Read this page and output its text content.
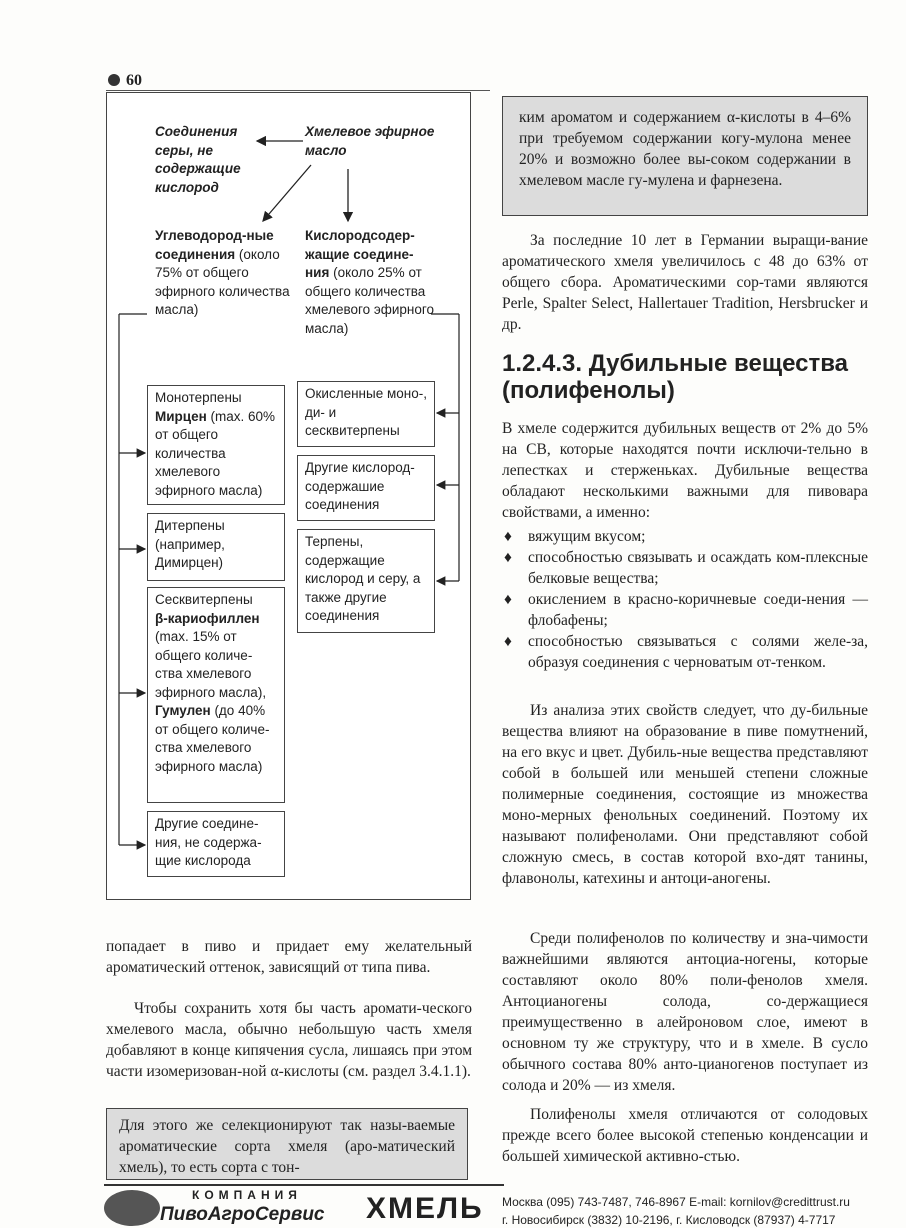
60
Соединения серы, не содержащие кислород
Хмелевое эфирное масло
Углеводород-ные соединения (около 75% от общего эфирного количества масла)
Кислородсодер-жащие соедине-ния (около 25% от общего количества хмелевого эфирного масла)
Монотерпены
Мирцен (max. 60% от общего количества хмелевого эфирного масла)
Дитерпены (например, Димирцен)
Сесквитерпены
β-кариофиллен (max. 15% от общего количе-ства хмелевого эфирного масла),
Гумулен (до 40% от общего количе-ства хмелевого эфирного масла)
Другие соедине-ния, не содержа-щие кислорода
Окисленные моно-, ди- и сесквитерпены
Другие кислород-содержашие соединения
Терпены, содержащие кислород и серу, а также другие соединения
попадает в пиво и придает ему желательный ароматический оттенок, зависящий от типа пива.
Чтобы сохранить хотя бы часть аромати-ческого хмелевого масла, обычно небольшую часть хмеля добавляют в конце кипячения сусла, лишаясь при этом части изомеризован-ной α-кислоты (см. раздел 3.4.1.1).
Для этого же селекционируют так назы-ваемые ароматические сорта хмеля (аро-матический хмель), то есть сорта с тон-
ким ароматом и содержанием α-кислоты в 4–6% при требуемом содержании когу-мулона менее 20% и возможно более вы-соком содержании в хмелевом масле гу-мулена и фарнезена.
За последние 10 лет в Германии выращи-вание ароматического хмеля увеличилось с 48 до 63% от общего сбора. Ароматическими сор-тами являются Perle, Spalter Select, Hallertauer Tradition, Hersbrucker и др.
1.2.4.3. Дубильные вещества (полифенолы)
В хмеле содержится дубильных веществ от 2% до 5% на СВ, которые находятся почти исключи-тельно в лепестках и стерженьках. Дубильные вещества обладают несколькими важными для пивовара свойствами, а именно:
♦ вяжущим вкусом;
♦ способностью связывать и осаждать ком-плексные белковые вещества;
♦ окислением в красно-коричневые соеди-нения — флобафены;
♦ способностью связываться с солями желе-за, образуя соединения с черноватым от-тенком.
Из анализа этих свойств следует, что ду-бильные вещества влияют на образование в пиве помутнений, на его вкус и цвет. Дубиль-ные вещества представляют собой в большей или меньшей степени сложные полимерные соединения, состоящие из множества моно-мерных фенольных соединений. Поэтому их называют полифенолами. Они представляют собой сложную смесь, в состав которой вхо-дят танины, флавонолы, катехины и антоци-аногены.
Среди полифенолов по количеству и зна-чимости важнейшими являются антоциа-ногены, которые составляют около 80% поли-фенолов хмеля. Антоцианогены солода, со-держащиеся преимущественно в алейроновом слое, имеют в основном ту же структуру, что и в хмеле. В сусло обычного состава 80% анто-цианогенов поступает из солода и 20% — из хмеля.
Полифенолы хмеля отличаются от солодовых прежде всего более высокой степенью конденсации и большей химической активно-стью.
КОМПАНИЯ
ПивоАгроСервис ХМЕЛЬ Москва (095) 743-7487, 746-8967 E-mail: kornilov@credittrust.ru
г. Новосибирск (3832) 10-2196, г. Кисловодск (87937) 4-7717
